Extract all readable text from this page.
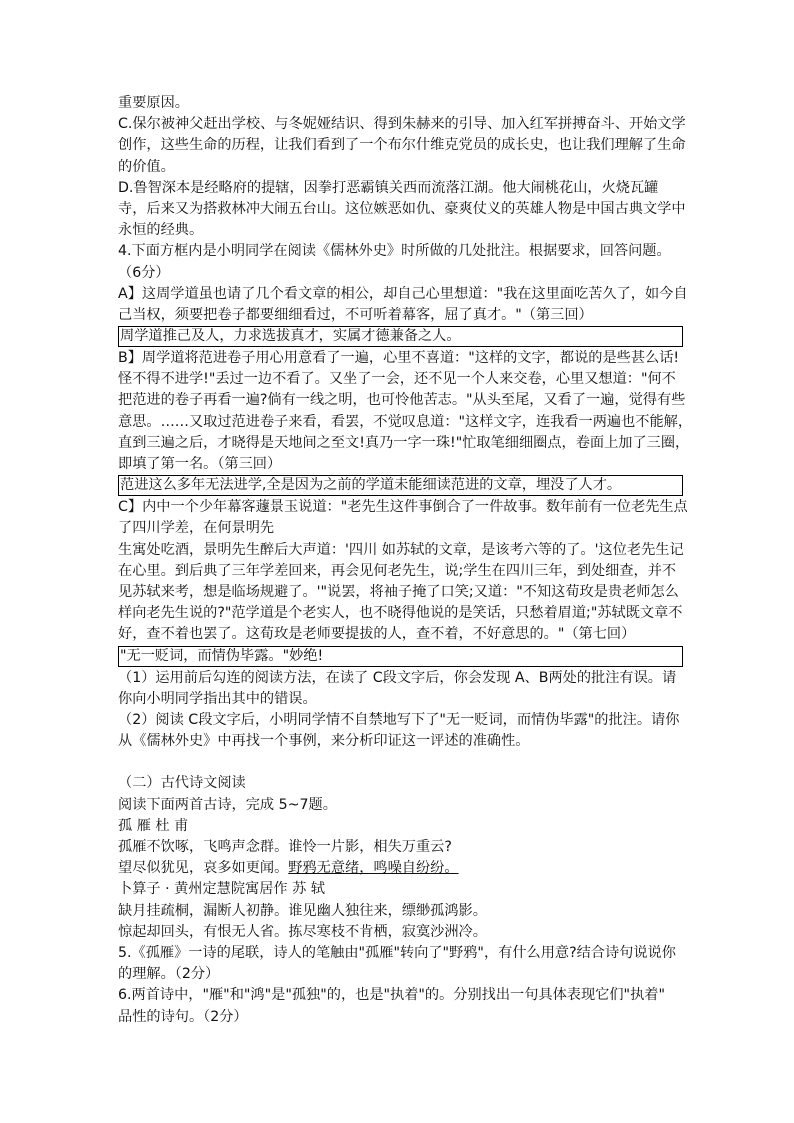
重要原因。
C.保尔被神父赶出学校、与冬妮娅结识、得到朱赫来的引导、加入红军拼搏奋斗、开始文学
创作，这些生命的历程，让我们看到了一个布尔什维克党员的成长史，也让我们理解了生命
的价值。
D.鲁智深本是经略府的提辖，因拳打恶霸镇关西而流落江湖。他大闹桃花山，火烧瓦罐
寺，后来又为搭救林冲大闹五台山。这位嫉恶如仇、豪爽仗义的英雄人物是中国古典文学中
永恒的经典。
4.下面方框内是小明同学在阅读《儒林外史》时所做的几处批注。根据要求，回答问题。
（6分）
A】这周学道虽也请了几个看文章的相公，却自己心里想道："我在这里面吃苦久了，如今自
己当权，须要把卷子都要细细看过，不可听着幕客，屈了真才。"（第三回）
周学道推己及人，力求选拔真才，实属才德兼备之人。
B】周学道将范进卷子用心用意看了一遍，心里不喜道："这样的文字，都说的是些甚么话!
怪不得不进学!"丢过一边不看了。又坐了一会，还不见一个人来交卷，心里又想道："何不
把范进的卷子再看一遍?倘有一线之明，也可怜他苦志。"从头至尾，又看了一遍，觉得有些
意思。……又取过范进卷子来看，看罢，不觉叹息道："这样文字，连我看一两遍也不能解，
直到三遍之后，才晓得是天地间之至文!真乃一字一珠!"忙取笔细细圈点，卷面上加了三圈，
即填了第一名。（第三回）
范进这么多年无法进学,全是因为之前的学道未能细读范进的文章，埋没了人才。
C】内中一个少年幕客蘧景玉说道："老先生这件事倒合了一件故事。数年前有一位老先生点
了四川学差，在何景明先
生寓处吃酒，景明先生醉后大声道：'四川 如苏轼的文章，是该考六等的了。'这位老先生记
在心里。到后典了三年学差回来，再会见何老先生，说;学生在四川三年，到处细查，并不
见苏轼来考，想是临场规避了。'"说罢，将袖子掩了口笑;又道："不知这荀玫是贵老师怎么
样向老先生说的?"范学道是个老实人，也不晓得他说的是笑话，只愁着眉道;"苏轼既文章不
好，查不着也罢了。这荀玫是老师要提拔的人，查不着，不好意思的。"（第七回）
"无一贬词，而情伪毕露。"妙绝!
（1）运用前后勾连的阅读方法，在读了 C段文字后，你会发现 A、B两处的批注有误。请
你向小明同学指出其中的错误。
（2）阅读 C段文字后，小明同学情不自禁地写下了"无一贬词，而情伪毕露"的批注。请你
从《儒林外史》中再找一个事例，来分析印证这一评述的准确性。
（二）古代诗文阅读
阅读下面两首古诗，完成 5~7题。
孤 雁 杜 甫
孤雁不饮啄，飞鸣声念群。谁怜一片影，相失万重云?
望尽似犹见，哀多如更闻。野鸦无意绪，鸣噪自纷纷。
卜算子 · 黄州定慧院寓居作 苏 轼
缺月挂疏桐，漏断人初静。谁见幽人独往来，缥缈孤鸿影。
惊起却回头，有恨无人省。拣尽寒枝不肯栖，寂寞沙洲冷。
5.《孤雁》一诗的尾联，诗人的笔触由"孤雁"转向了"野鸦"，有什么用意?结合诗句说说你
的理解。（2分）
6.两首诗中，"雁"和"鸿"是"孤独"的，也是"执着"的。分别找出一句具体表现它们"执着"
品性的诗句。（2分）
